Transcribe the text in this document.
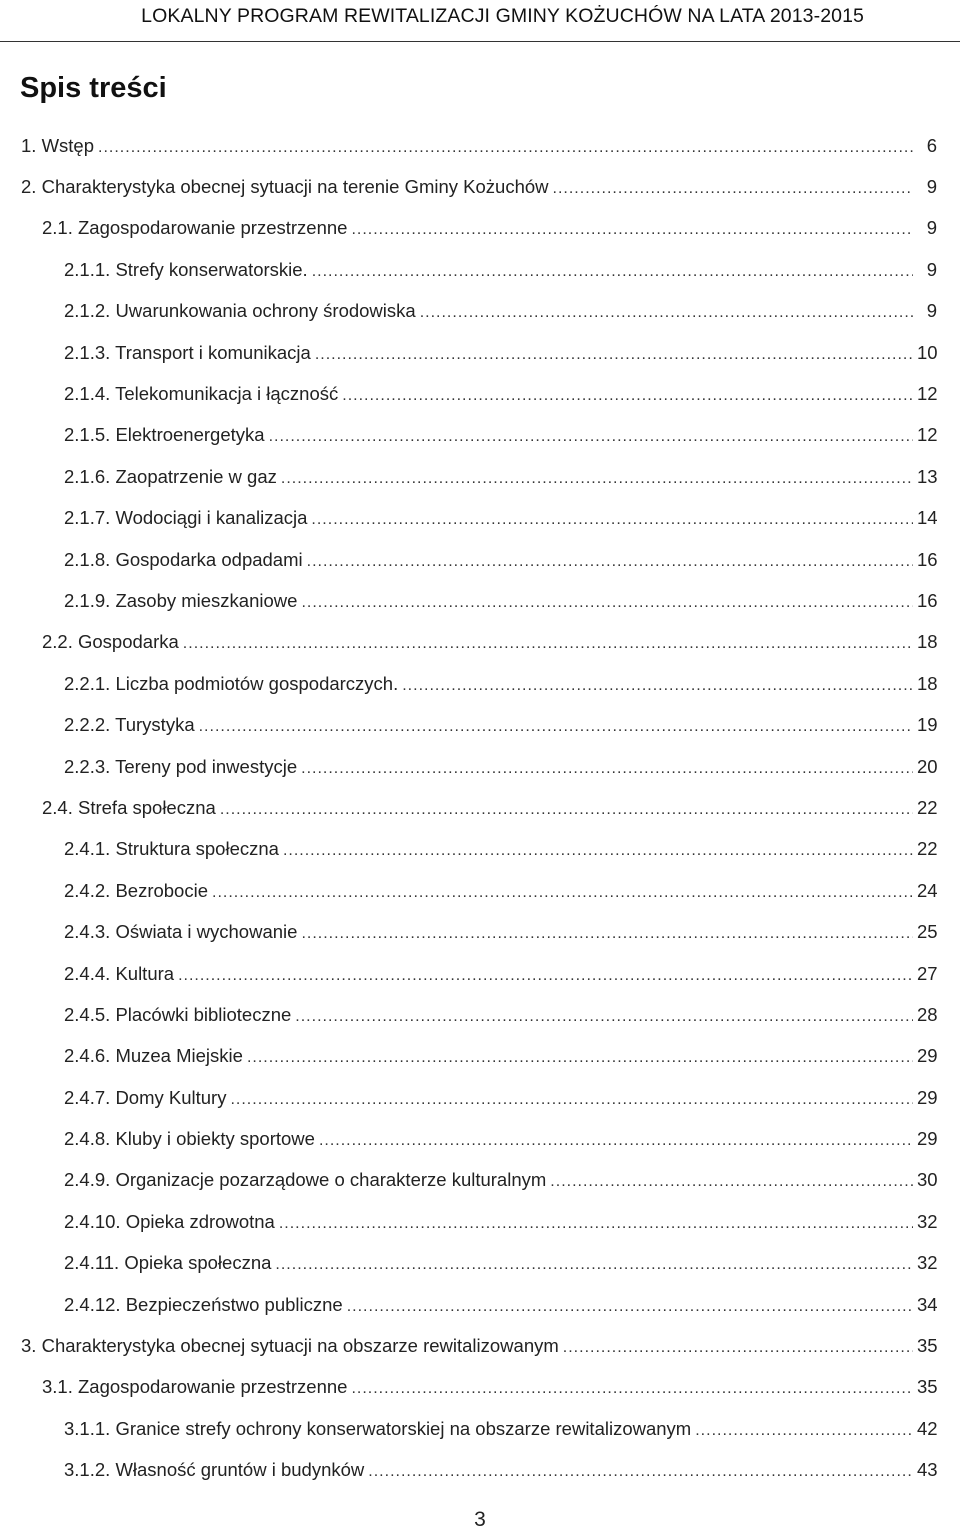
LOKALNY PROGRAM REWITALIZACJI GMINY KOŻUCHÓW NA LATA 2013-2015
Spis treści
1. Wstęp .....	6
2. Charakterystyka obecnej sytuacji na terenie Gminy Kożuchów .....	9
2.1. Zagospodarowanie przestrzenne .....	9
2.1.1. Strefy konserwatorskie. .....	9
2.1.2. Uwarunkowania ochrony środowiska .....	9
2.1.3. Transport i komunikacja .....	10
2.1.4. Telekomunikacja i łączność .....	12
2.1.5. Elektroenergetyka .....	12
2.1.6. Zaopatrzenie w gaz .....	13
2.1.7. Wodociągi i kanalizacja .....	14
2.1.8. Gospodarka odpadami .....	16
2.1.9. Zasoby mieszkaniowe .....	16
2.2. Gospodarka .....	18
2.2.1. Liczba podmiotów gospodarczych. .....	18
2.2.2. Turystyka .....	19
2.2.3. Tereny pod inwestycje .....	20
2.4. Strefa społeczna .....	22
2.4.1. Struktura społeczna .....	22
2.4.2. Bezrobocie .....	24
2.4.3. Oświata i wychowanie .....	25
2.4.4. Kultura .....	27
2.4.5. Placówki biblioteczne .....	28
2.4.6. Muzea Miejskie .....	29
2.4.7. Domy Kultury .....	29
2.4.8. Kluby i obiekty sportowe .....	29
2.4.9. Organizacje pozarządowe o charakterze kulturalnym .....	30
2.4.10. Opieka zdrowotna .....	32
2.4.11. Opieka społeczna .....	32
2.4.12. Bezpieczeństwo publiczne .....	34
3. Charakterystyka obecnej sytuacji na obszarze rewitalizowanym .....	35
3.1. Zagospodarowanie przestrzenne .....	35
3.1.1. Granice strefy ochrony konserwatorskiej na obszarze rewitalizowanym .....	42
3.1.2. Własność gruntów i budynków .....	43
3
